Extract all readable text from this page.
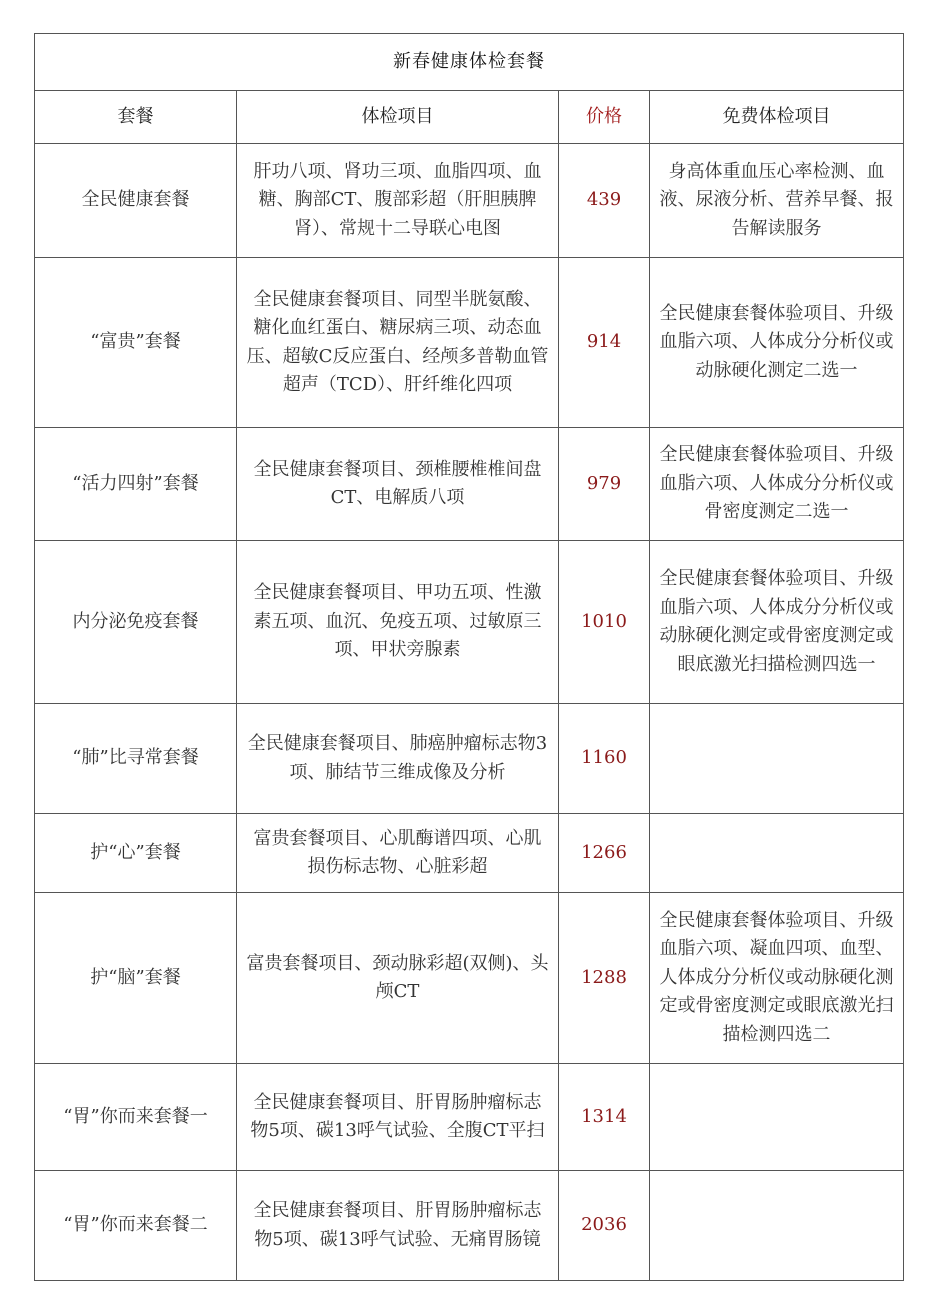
新春健康体检套餐			
套餐	体检项目	价格	免费体检项目
全民健康套餐	肝功八项、肾功三项、血脂四项、血糖、胸部CT、腹部彩超（肝胆胰脾肾）、常规十二导联心电图	439	身高体重血压心率检测、血液、尿液分析、营养早餐、报告解读服务
“富贵”套餐	全民健康套餐项目、同型半胱氨酸、糖化血红蛋白、糖尿病三项、动态血压、超敏C反应蛋白、经颅多普勒血管超声（TCD）、肝纤维化四项	914	全民健康套餐体验项目、升级血脂六项、人体成分分析仪或动脉硬化测定二选一
“活力四射”套餐	全民健康套餐项目、颈椎腰椎椎间盘CT、电解质八项	979	全民健康套餐体验项目、升级血脂六项、人体成分分析仪或骨密度测定二选一
内分泌免疫套餐	全民健康套餐项目、甲功五项、性激素五项、血沉、免疫五项、过敏原三项、甲状旁腺素	1010	全民健康套餐体验项目、升级血脂六项、人体成分分析仪或动脉硬化测定或骨密度测定或眼底激光扫描检测四选一
“肺”比寻常套餐	全民健康套餐项目、肺癌肿瘤标志物3项、肺结节三维成像及分析	1160	
护“心”套餐	富贵套餐项目、心肌酶谱四项、心肌损伤标志物、心脏彩超	1266	
护“脑”套餐	富贵套餐项目、颈动脉彩超(双侧)、头颅CT	1288	全民健康套餐体验项目、升级血脂六项、凝血四项、血型、人体成分分析仪或动脉硬化测定或骨密度测定或眼底激光扫描检测四选二
“胃”你而来套餐一	全民健康套餐项目、肝胃肠肿瘤标志物5项、碳13呼气试验、全腹CT平扫	1314	
“胃”你而来套餐二	全民健康套餐项目、肝胃肠肿瘤标志物5项、碳13呼气试验、无痛胃肠镜	2036	
